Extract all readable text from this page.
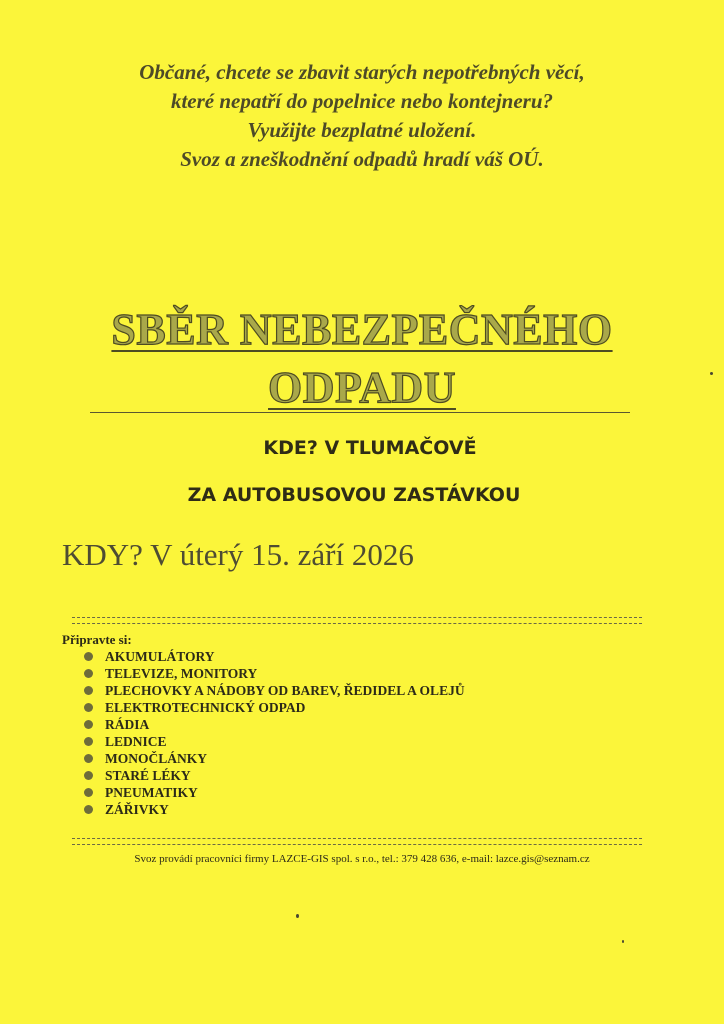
Občané, chcete se zbavit starých nepotřebných věcí,
které nepatří do popelnice nebo kontejneru?
Využijte bezplatné uložení.
Svoz a zneškodnění odpadů hradí váš OÚ.
SBĚR NEBEZPEČNÉHO
ODPADU
KDE? V TLUMAČOVĚ
ZA AUTOBUSOVOU ZASTÁVKOU
KDY? V úterý 15. září 2026
Připravte si:
AKUMULÁTORY
TELEVIZE, MONITORY
PLECHOVKY A NÁDOBY OD BAREV, ŘEDIDEL A OLEJŮ
ELEKTROTECHNICKÝ ODPAD
RÁDIA
LEDNICE
MONOČLÁNKY
STARÉ LÉKY
PNEUMATIKY
ZÁŘIVKY
Svoz provádí pracovníci firmy LAZCE-GIS spol. s r.o., tel.: 379 428 636, e-mail: lazce.gis@seznam.cz
